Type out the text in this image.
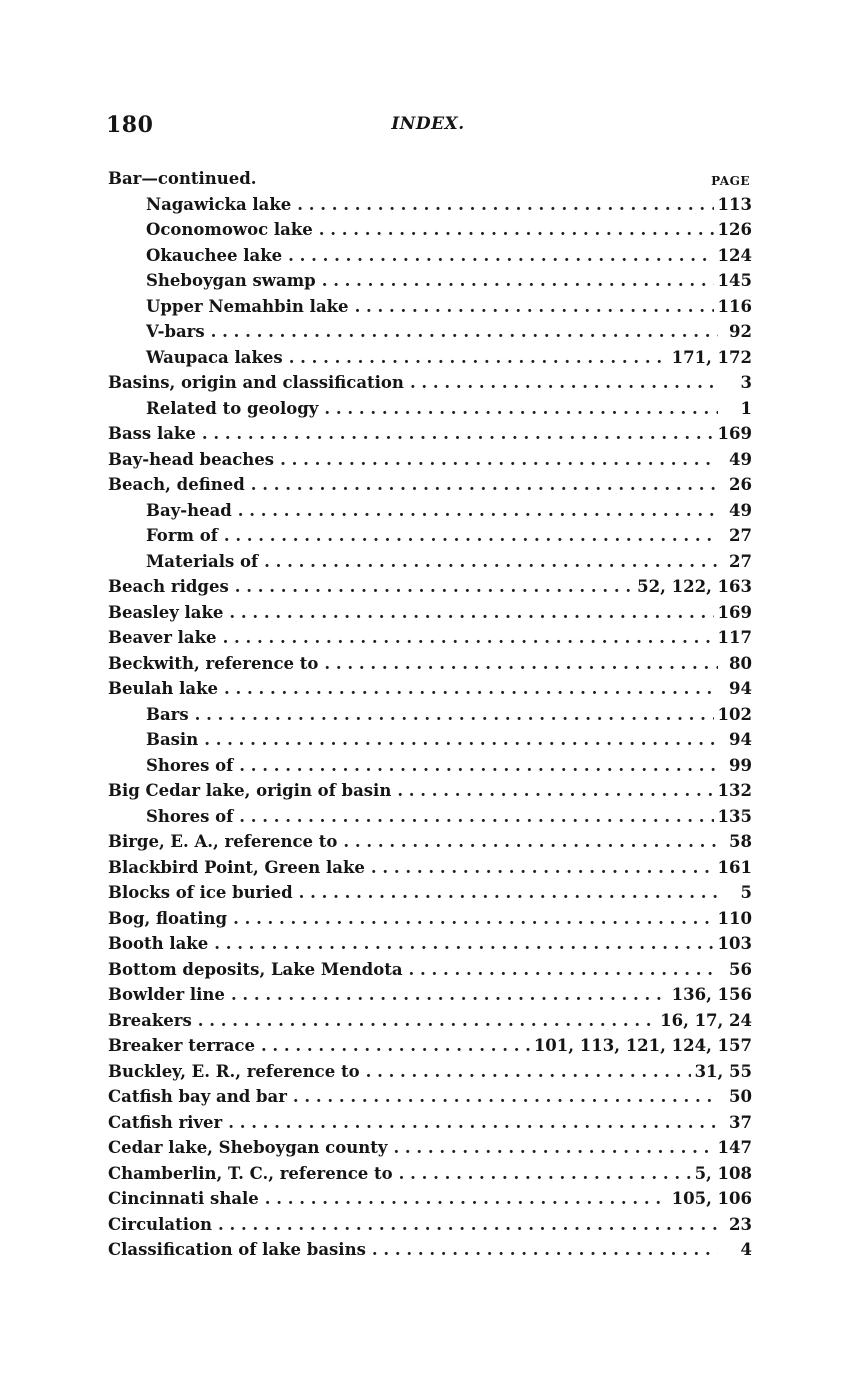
180	INDEX.
PAGE
Bar—continued.
Nagawicka lake . . .	113
Oconomowoc lake . . .	126
Okauchee lake . . .	124
Sheboygan swamp . . .	145
Upper Nemahbin lake . . .	116
V-bars . . .	92
Waupaca lakes . . .	171, 172
Basins, origin and classification . . .	3
Related to geology . . .	1
Bass lake . . .	169
Bay-head beaches . . .	49
Beach, defined . . .	26
Bay-head . . .	49
Form of . . .	27
Materials of . . .	27
Beach ridges . . .	52, 122, 163
Beasley lake . . .	169
Beaver lake . . .	117
Beckwith, reference to . . .	80
Beulah lake . . .	94
Bars . . .	102
Basin . . .	94
Shores of . . .	99
Big Cedar lake, origin of basin . . .	132
Shores of . . .	135
Birge, E. A., reference to . . .	58
Blackbird Point, Green lake . . .	161
Blocks of ice buried . . .	5
Bog, floating . . .	110
Booth lake . . .	103
Bottom deposits, Lake Mendota . . .	56
Bowlder line . . .	136, 156
Breakers . . .	16, 17, 24
Breaker terrace . . .	101, 113, 121, 124, 157
Buckley, E. R., reference to . . .	31, 55
Catfish bay and bar . . .	50
Catfish river . . .	37
Cedar lake, Sheboygan county . . .	147
Chamberlin, T. C., reference to . . .	5, 108
Cincinnati shale . . .	105, 106
Circulation . . .	23
Classification of lake basins . . .	4
